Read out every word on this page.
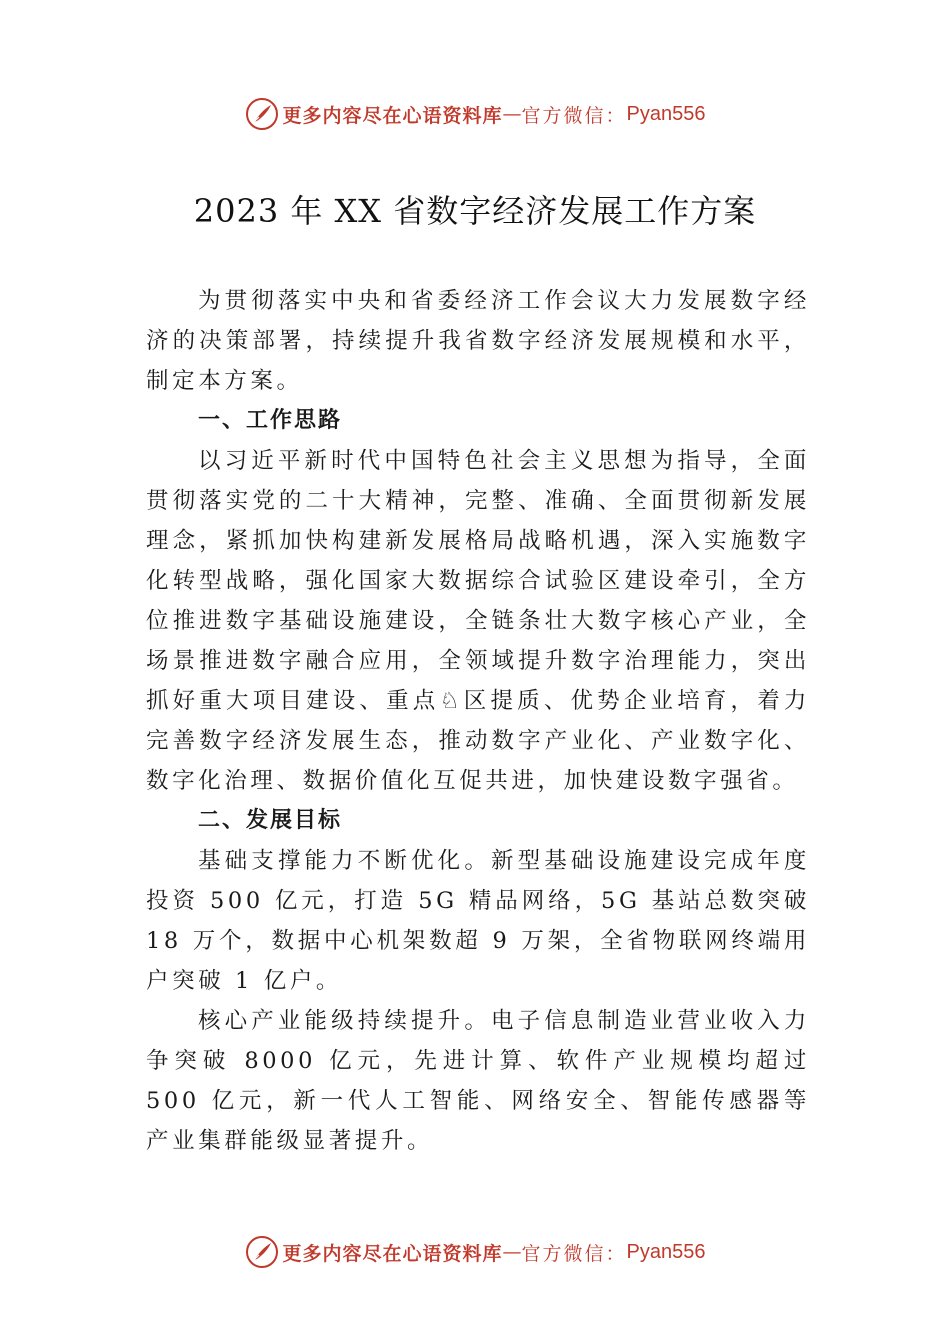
更多内容尽在心语资料库 — 官方微信： Pyan556
2023 年 XX 省数字经济发展工作方案

为贯彻落实中央和省委经济工作会议大力发展数字经济的决策部署，持续提升我省数字经济发展规模和水平，制定本方案。

一、工作思路

以习近平新时代中国特色社会主义思想为指导，全面贯彻落实党的二十大精神，完整、准确、全面贯彻新发展理念，紧抓加快构建新发展格局战略机遇，深入实施数字化转型战略，强化国家大数据综合试验区建设牵引，全方位推进数字基础设施建设，全链条壮大数字核心产业，全场景推进数字融合应用，全领域提升数字治理能力，突出抓好重大项目建设、重点♘区提质、优势企业培育，着力完善数字经济发展生态，推动数字产业化、产业数字化、数字化治理、数据价值化互促共进，加快建设数字强省。

二、发展目标

基础支撑能力不断优化。新型基础设施建设完成年度投资 500 亿元，打造 5G 精品网络，5G 基站总数突破 18 万个，数据中心机架数超 9 万架，全省物联网终端用户突破 1 亿户。

核心产业能级持续提升。电子信息制造业营业收入力争突破 8000 亿元，先进计算、软件产业规模均超过 500 亿元，新一代人工智能、网络安全、智能传感器等产业集群能级显著提升。

更多内容尽在心语资料库 — 官方微信： Pyan556
